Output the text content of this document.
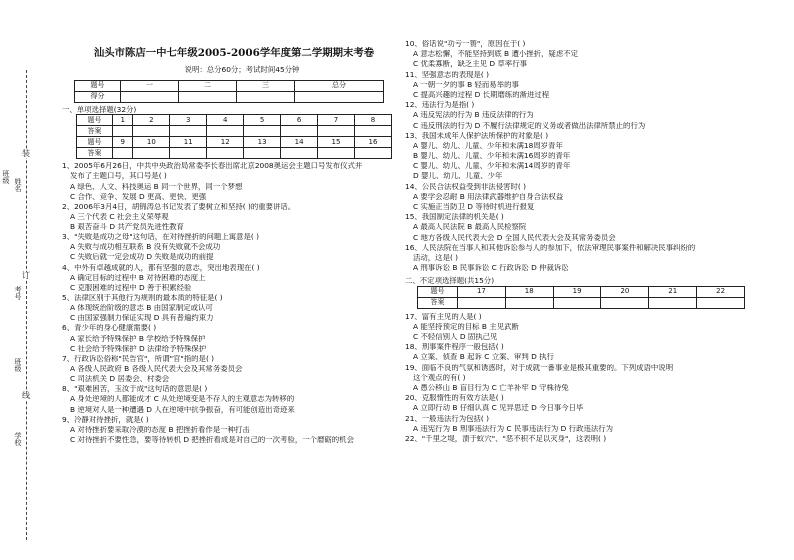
装
订
线
班级
姓名
考号
班级
学校
汕头市陈店一中七年级2005-2006学年度第二学期期末考卷
说明：总分60分；考试时间45分钟
题号	一	二	三	总分
得分				
一、单项选择题(32分)
题号	1	2	3	4	5	6	7	8
答案								
题号	9	10	11	12	13	14	15	16
答案								
1、2005年6月26日，中共中央政治局常委李长春出席北京2008奥运会主题口号发布仪式并
发布了主题口号，其口号是( )
A 绿色、人文、科技奥运 B 同一个世界，同一个梦想
C 合作、竞争、发展 D 更高、更快、更强
2、2006年3月4日，胡锦涛总书记发表了要树立和坚持( )的重要讲话。
A 三个代表 C 社会主义荣辱观
B 艰苦奋斗 D 共产党员先进性教育
3、"失败是成功之母"这句话，在对待挫折的问题上寓意是( )
A 失败与成功相互联系 B 没有失败就不会成功
C 失败后就一定会成功 D 失败是成功的前提
4、中外有卓越成就的人，都有坚强的意志，突出地表现在( )
A 确定目标的过程中 B 对待困难的态度上
C 克服困难的过程中 D 善于积累经验
5、法律区别于其他行为规则的最本质的特征是( )
A 体现统治阶级的意志 B 由国家制定或认可
C 由国家强制力保证实现 D 具有普遍约束力
6、青少年的身心健康需要( )
A 家长给予特殊保护 B 学校给予特殊保护
C 社会给予特殊保护 D 法律给予特殊保护
7、行政诉讼俗称"民告官"，所谓"官"指的是( )
A 各级人民政府 B 各级人民代表大会及其常务委员会
C 司法机关 D 居委会、村委会
8、"艰难困苦，玉汝于成"这句话的意思是( )
A 身处逆境的人都能成才 C 从处逆境变是不存人的主观意志为转移的
B 逆境对人是一种遭遇 D 人在逆境中抗争振奋，有可能创造出奇迹来
9、冷静对待挫折，就是( )
A 对待挫折要采取冷漠的态度 B 把挫折看作是一种打击
C 对待挫折不要性急，要等待转机 D 把挫折看成是对自己的一次考验，一个磨砺的机会
10、俗话说"功亏一篑"，原因在于( )
A 意志松懈，不能坚持到底 B 遭小挫折，疑虑不定
C 优柔寡断，缺乏主见 D 草率行事
11、坚强意志的表现是( )
A 一朝一夕的事 B 轻而易举的事
C 提高兴趣的过程 D 长期磨练的渐进过程
12、违法行为是指( )
A 违反宪法的行为 B 违反法律的行为
C 违反刑法的行为 D 不履行法律规定的义务或者做出法律所禁止的行为
13、我国未成年人保护法所保护的对象是( )
A 婴儿、幼儿、儿童、少年和未满18周岁青年
B 婴儿、幼儿、儿童、少年和未满16周岁的青年
C 婴儿、幼儿、儿童、少年和未满14周岁的青年
D 婴儿、幼儿、儿童、少年
14、公民合法权益受到非法侵害时( )
A 要学会忍耐 B 用法律武器维护自身合法权益
C 实施正当防卫 D 等待时机进行报复
15、我国制定法律的机关是( )
A 最高人民法院 B 最高人民检察院
C 地方各级人民代表大会 D 全国人民代表大会及其常务委员会
16、人民法院在当事人和其他诉讼参与人的参加下，依法审理民事案件和解决民事纠纷的
活动，这是( )
A 刑事诉讼 B 民事诉讼 C 行政诉讼 D 仲裁诉讼
二、不定项选择题(共15分)
题号	17	18	19	20	21	22
答案						
17、富有主见的人是( )
A 能坚持预定的目标 B 主见武断
C 不轻信别人 D 固执己见
18、刑事案件程序一般包括( )
A 立案、侦查 B 起诉 C 立案、审判 D 执行
19、面临不良的气氛和诱惑时，对于成就一番事业是极其重要的。下列成语中说明
这个观点的有( )
A 愚公移山 B 盲目行为 C 亡羊补牢 D 守株待兔
20、克服惰性的有效方法是( )
A 立即行动 B 仔细认真 C 见异思迁 D 今日事今日毕
21、一般违法行为包括( )
A 违宪行为 B 刑事违法行为 C 民事违法行为 D 行政违法行为
22、"千里之堤，溃于蚁穴"、"恶不积不足以灭身"，这表明( )
